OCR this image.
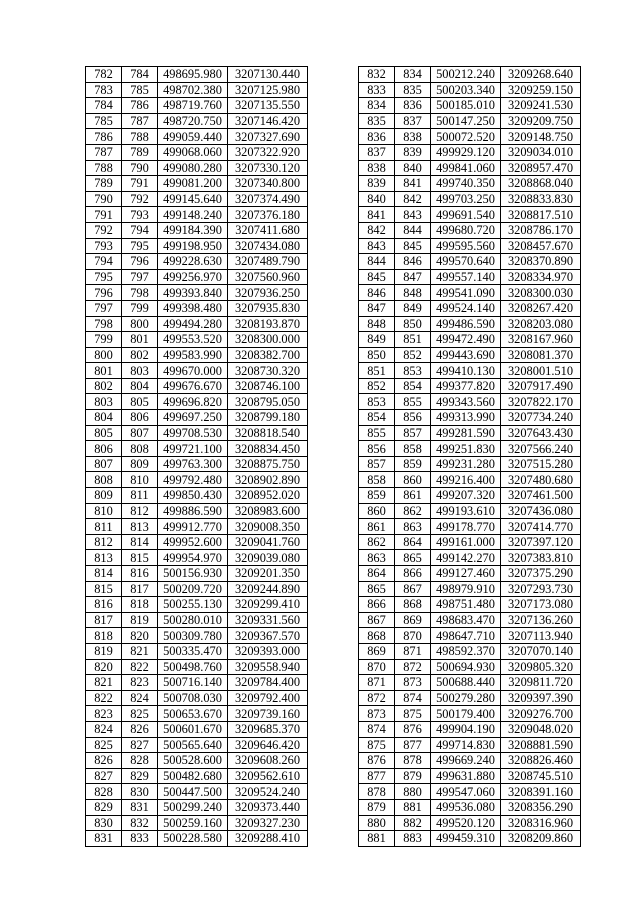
782	784	498695.980	3207130.440
783	785	498702.380	3207125.980
784	786	498719.760	3207135.550
785	787	498720.750	3207146.420
786	788	499059.440	3207327.690
787	789	499068.060	3207322.920
788	790	499080.280	3207330.120
789	791	499081.200	3207340.800
790	792	499145.640	3207374.490
791	793	499148.240	3207376.180
792	794	499184.390	3207411.680
793	795	499198.950	3207434.080
794	796	499228.630	3207489.790
795	797	499256.970	3207560.960
796	798	499393.840	3207936.250
797	799	499398.480	3207935.830
798	800	499494.280	3208193.870
799	801	499553.520	3208300.000
800	802	499583.990	3208382.700
801	803	499670.000	3208730.320
802	804	499676.670	3208746.100
803	805	499696.820	3208795.050
804	806	499697.250	3208799.180
805	807	499708.530	3208818.540
806	808	499721.100	3208834.450
807	809	499763.300	3208875.750
808	810	499792.480	3208902.890
809	811	499850.430	3208952.020
810	812	499886.590	3208983.600
811	813	499912.770	3209008.350
812	814	499952.600	3209041.760
813	815	499954.970	3209039.080
814	816	500156.930	3209201.350
815	817	500209.720	3209244.890
816	818	500255.130	3209299.410
817	819	500280.010	3209331.560
818	820	500309.780	3209367.570
819	821	500335.470	3209393.000
820	822	500498.760	3209558.940
821	823	500716.140	3209784.400
822	824	500708.030	3209792.400
823	825	500653.670	3209739.160
824	826	500601.670	3209685.370
825	827	500565.640	3209646.420
826	828	500528.600	3209608.260
827	829	500482.680	3209562.610
828	830	500447.500	3209524.240
829	831	500299.240	3209373.440
830	832	500259.160	3209327.230
831	833	500228.580	3209288.410
832	834	500212.240	3209268.640
833	835	500203.340	3209259.150
834	836	500185.010	3209241.530
835	837	500147.250	3209209.750
836	838	500072.520	3209148.750
837	839	499929.120	3209034.010
838	840	499841.060	3208957.470
839	841	499740.350	3208868.040
840	842	499703.250	3208833.830
841	843	499691.540	3208817.510
842	844	499680.720	3208786.170
843	845	499595.560	3208457.670
844	846	499570.640	3208370.890
845	847	499557.140	3208334.970
846	848	499541.090	3208300.030
847	849	499524.140	3208267.420
848	850	499486.590	3208203.080
849	851	499472.490	3208167.960
850	852	499443.690	3208081.370
851	853	499410.130	3208001.510
852	854	499377.820	3207917.490
853	855	499343.560	3207822.170
854	856	499313.990	3207734.240
855	857	499281.590	3207643.430
856	858	499251.830	3207566.240
857	859	499231.280	3207515.280
858	860	499216.400	3207480.680
859	861	499207.320	3207461.500
860	862	499193.610	3207436.080
861	863	499178.770	3207414.770
862	864	499161.000	3207397.120
863	865	499142.270	3207383.810
864	866	499127.460	3207375.290
865	867	498979.910	3207293.730
866	868	498751.480	3207173.080
867	869	498683.470	3207136.260
868	870	498647.710	3207113.940
869	871	498592.370	3207070.140
870	872	500694.930	3209805.320
871	873	500688.440	3209811.720
872	874	500279.280	3209397.390
873	875	500179.400	3209276.700
874	876	499904.190	3209048.020
875	877	499714.830	3208881.590
876	878	499669.240	3208826.460
877	879	499631.880	3208745.510
878	880	499547.060	3208391.160
879	881	499536.080	3208356.290
880	882	499520.120	3208316.960
881	883	499459.310	3208209.860
